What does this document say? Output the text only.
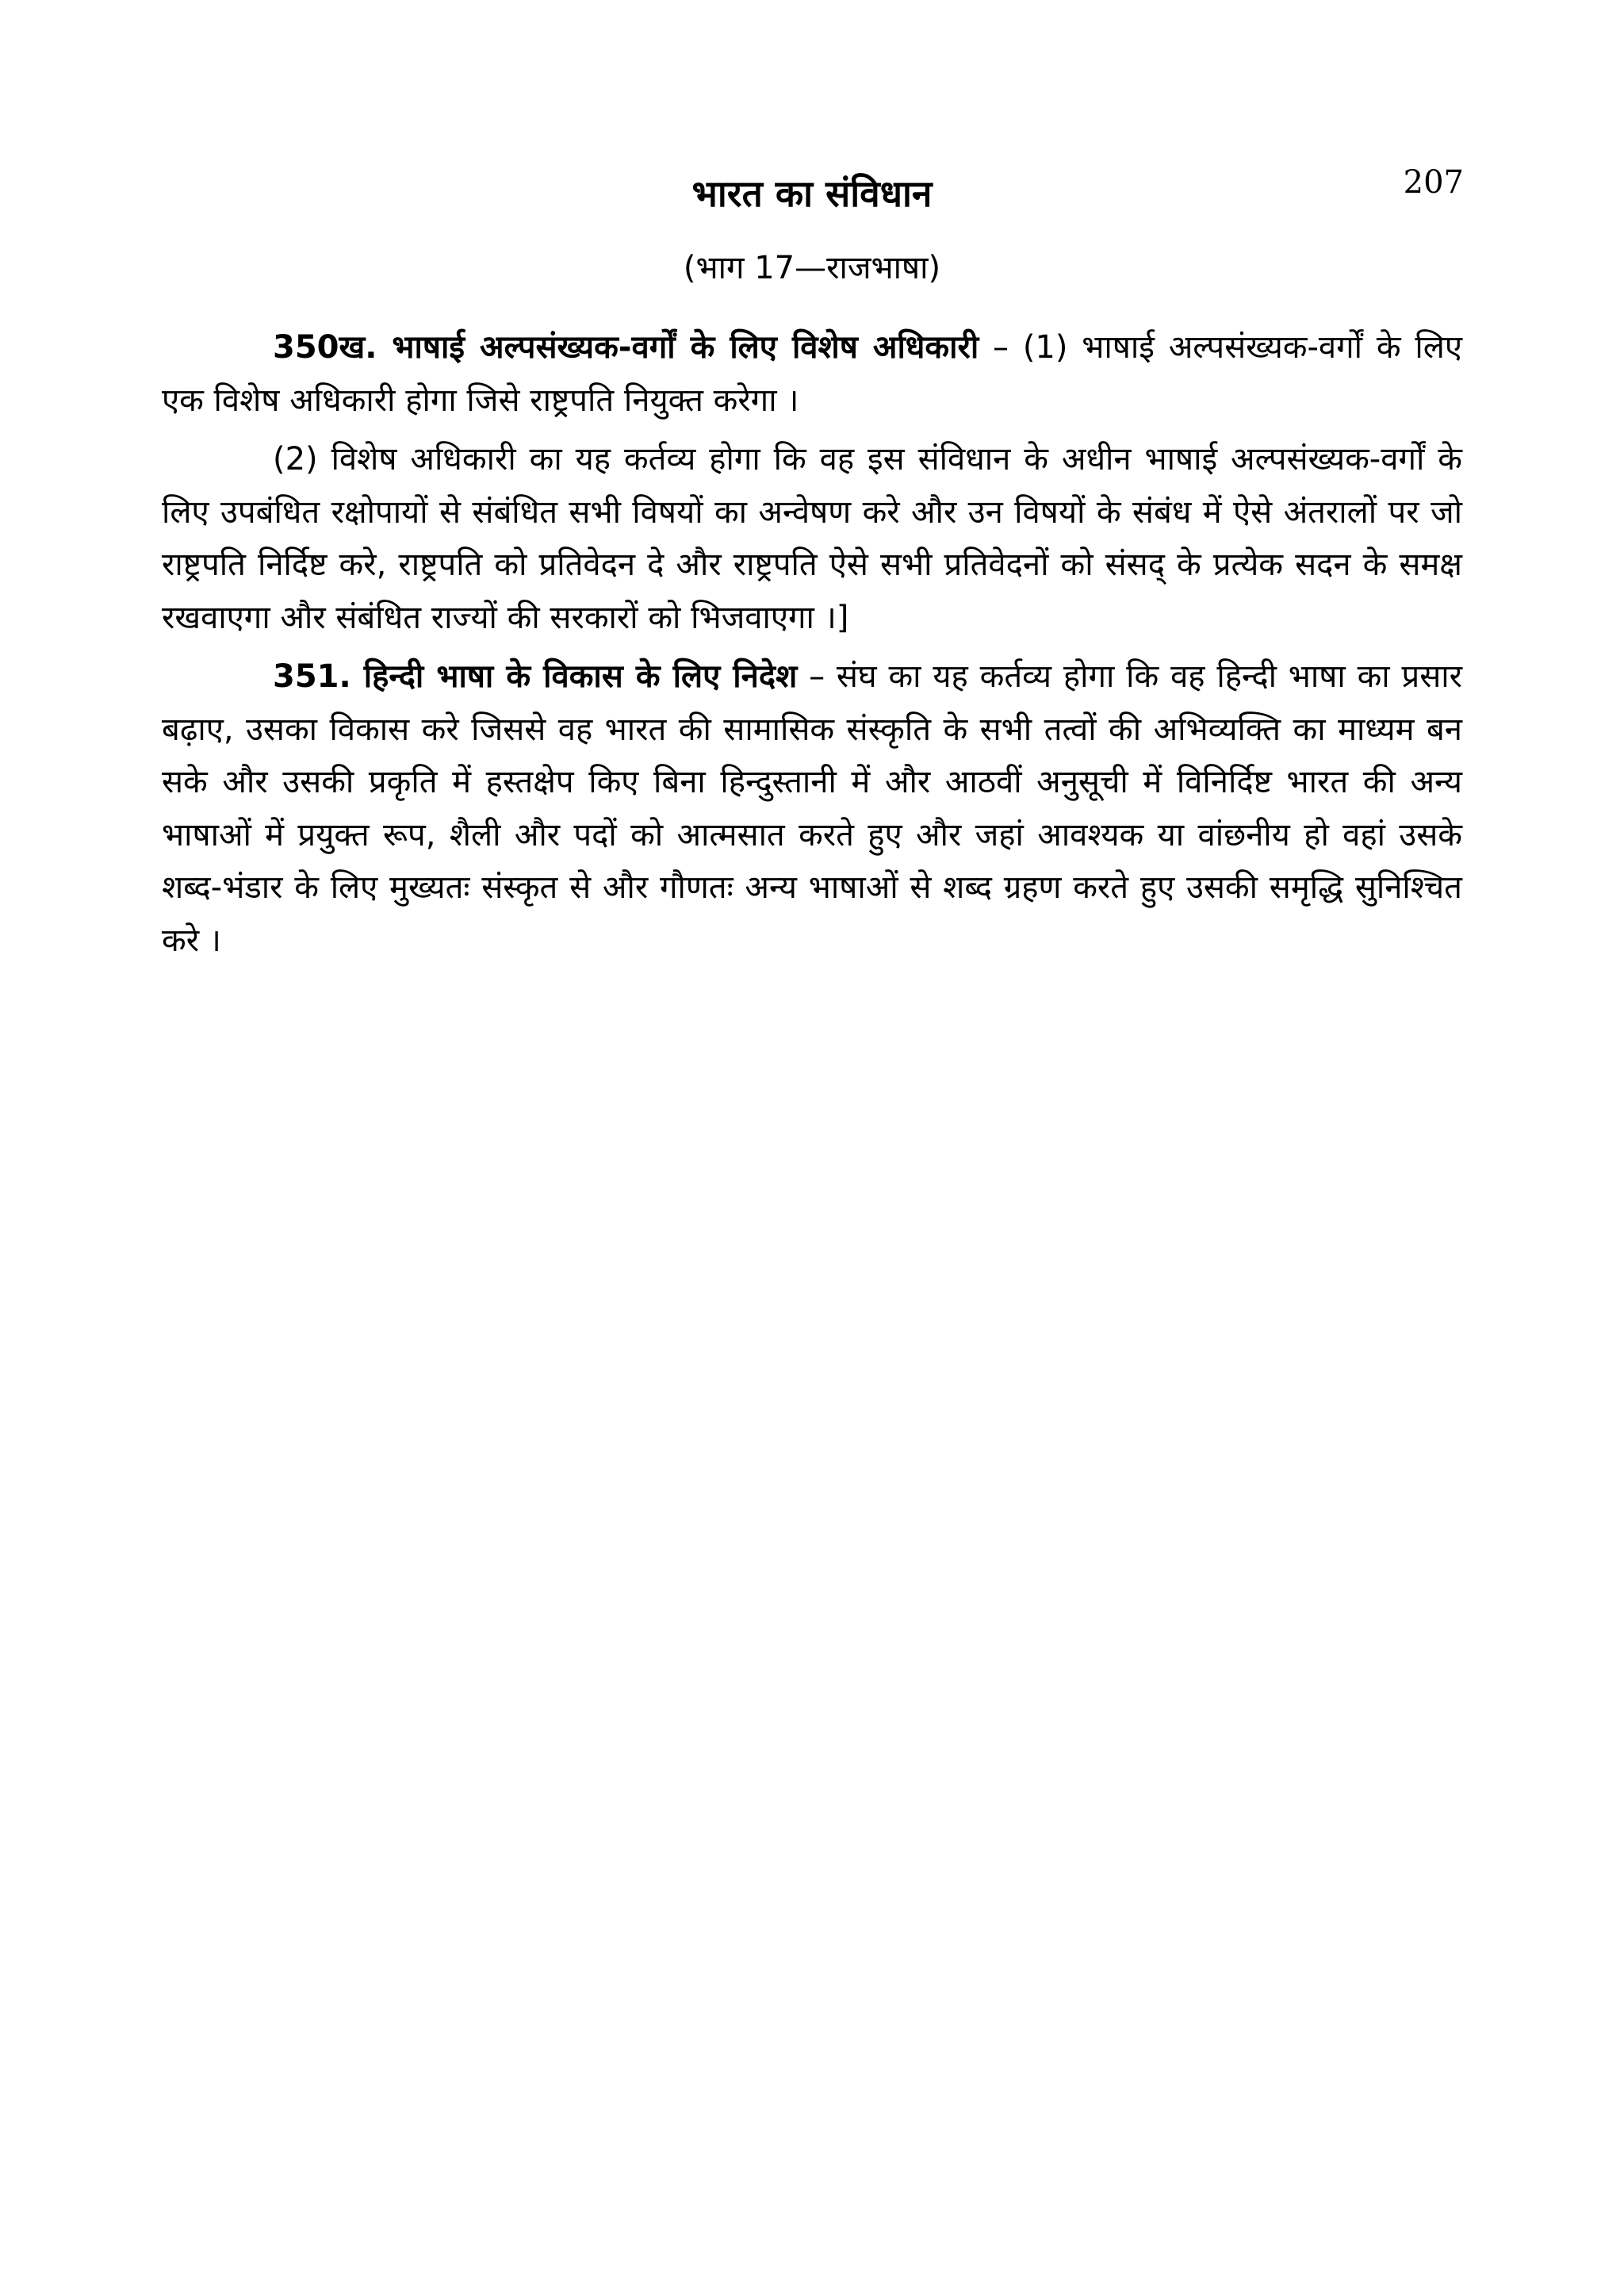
207
भारत का संविधान
(भाग 17—राजभाषा)

350ख. भाषाई अल्पसंख्यक-वर्गों के लिए विशेष अधिकारी – (1) भाषाई अल्पसंख्यक-वर्गों के लिए एक विशेष अधिकारी होगा जिसे राष्ट्रपति नियुक्त करेगा ।

(2) विशेष अधिकारी का यह कर्तव्य होगा कि वह इस संविधान के अधीन भाषाई अल्पसंख्यक-वर्गों के लिए उपबंधित रक्षोपायों से संबंधित सभी विषयों का अन्वेषण करे और उन विषयों के संबंध में ऐसे अंतरालों पर जो राष्ट्रपति निर्दिष्ट करे, राष्ट्रपति को प्रतिवेदन दे और राष्ट्रपति ऐसे सभी प्रतिवेदनों को संसद् के प्रत्येक सदन के समक्ष रखवाएगा और संबंधित राज्यों की सरकारों को भिजवाएगा ।]

351. हिन्दी भाषा के विकास के लिए निदेश – संघ का यह कर्तव्य होगा कि वह हिन्दी भाषा का प्रसार बढ़ाए, उसका विकास करे जिससे वह भारत की सामासिक संस्कृति के सभी तत्वों की अभिव्यक्ति का माध्यम बन सके और उसकी प्रकृति में हस्तक्षेप किए बिना हिन्दुस्तानी में और आठवीं अनुसूची में विनिर्दिष्ट भारत की अन्य भाषाओं में प्रयुक्त रूप, शैली और पदों को आत्मसात करते हुए और जहां आवश्यक या वांछनीय हो वहां उसके शब्द-भंडार के लिए मुख्यतः संस्कृत से और गौणतः अन्य भाषाओं से शब्द ग्रहण करते हुए उसकी समृद्धि सुनिश्चित करे ।
